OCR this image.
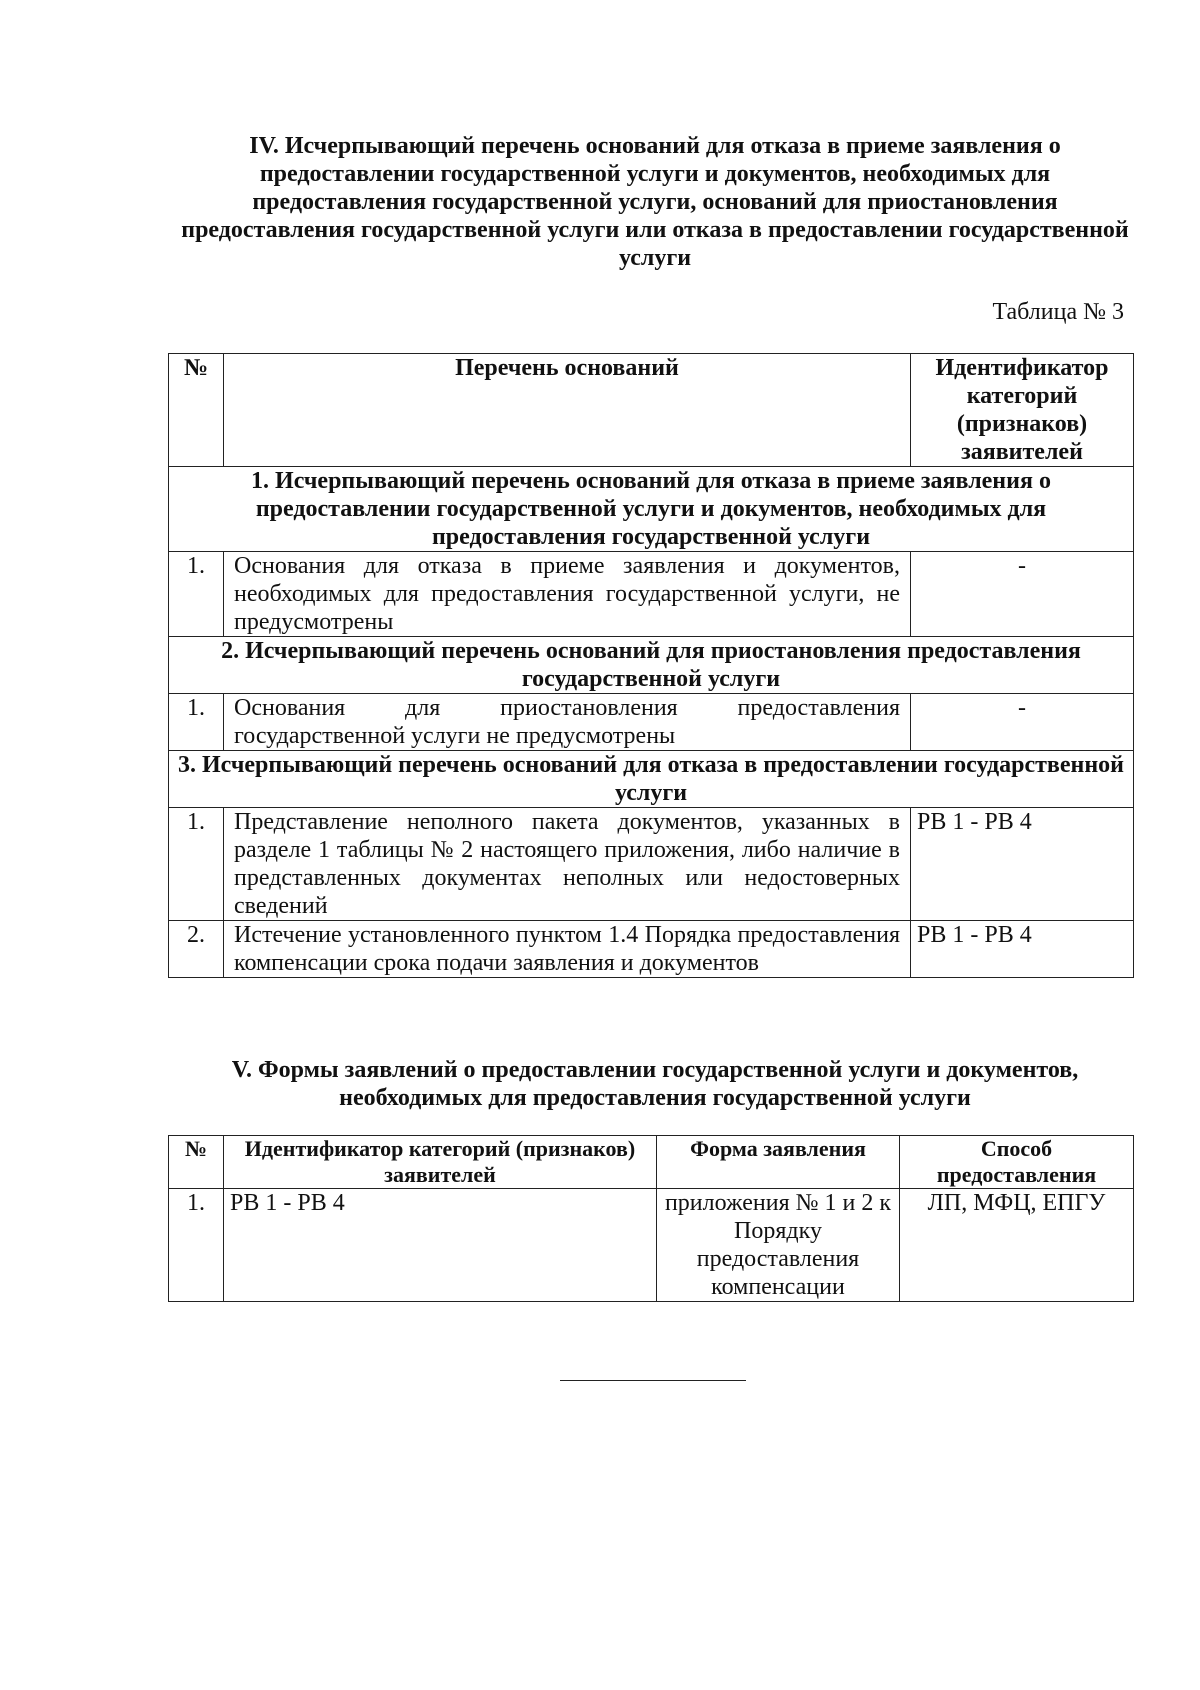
IV. Исчерпывающий перечень оснований для отказа в приеме заявления о предоставлении государственной услуги и документов, необходимых для предоставления государственной услуги, оснований для приостановления предоставления государственной услуги или отказа в предоставлении государственной услуги
Таблица № 3
№	Перечень оснований	Идентификатор категорий (признаков) заявителей
1. Исчерпывающий перечень оснований для отказа в приеме заявления о предоставлении государственной услуги и документов, необходимых для предоставления государственной услуги		
1.	Основания для отказа в приеме заявления и документов, необходимых для предоставления государственной услуги, не предусмотрены	-
2. Исчерпывающий перечень оснований для приостановления предоставления государственной услуги		
1.	Основания для приостановления предоставления государственной услуги не предусмотрены	-
3. Исчерпывающий перечень оснований для отказа в предоставлении государственной услуги		
1.	Представление неполного пакета документов, указанных в разделе 1 таблицы № 2 настоящего приложения, либо наличие в представленных документах неполных или недостоверных сведений	РВ 1 - РВ 4
2.	Истечение установленного пунктом 1.4 Порядка предоставления компенсации срока подачи заявления и документов	РВ 1 - РВ 4
V. Формы заявлений о предоставлении государственной услуги и документов, необходимых для предоставления государственной услуги
№	Идентификатор категорий (признаков) заявителей	Форма заявления	Способ предоставления
1.	РВ 1 - РВ 4	приложения № 1 и 2 к Порядку предоставления компенсации	ЛП, МФЦ, ЕПГУ
